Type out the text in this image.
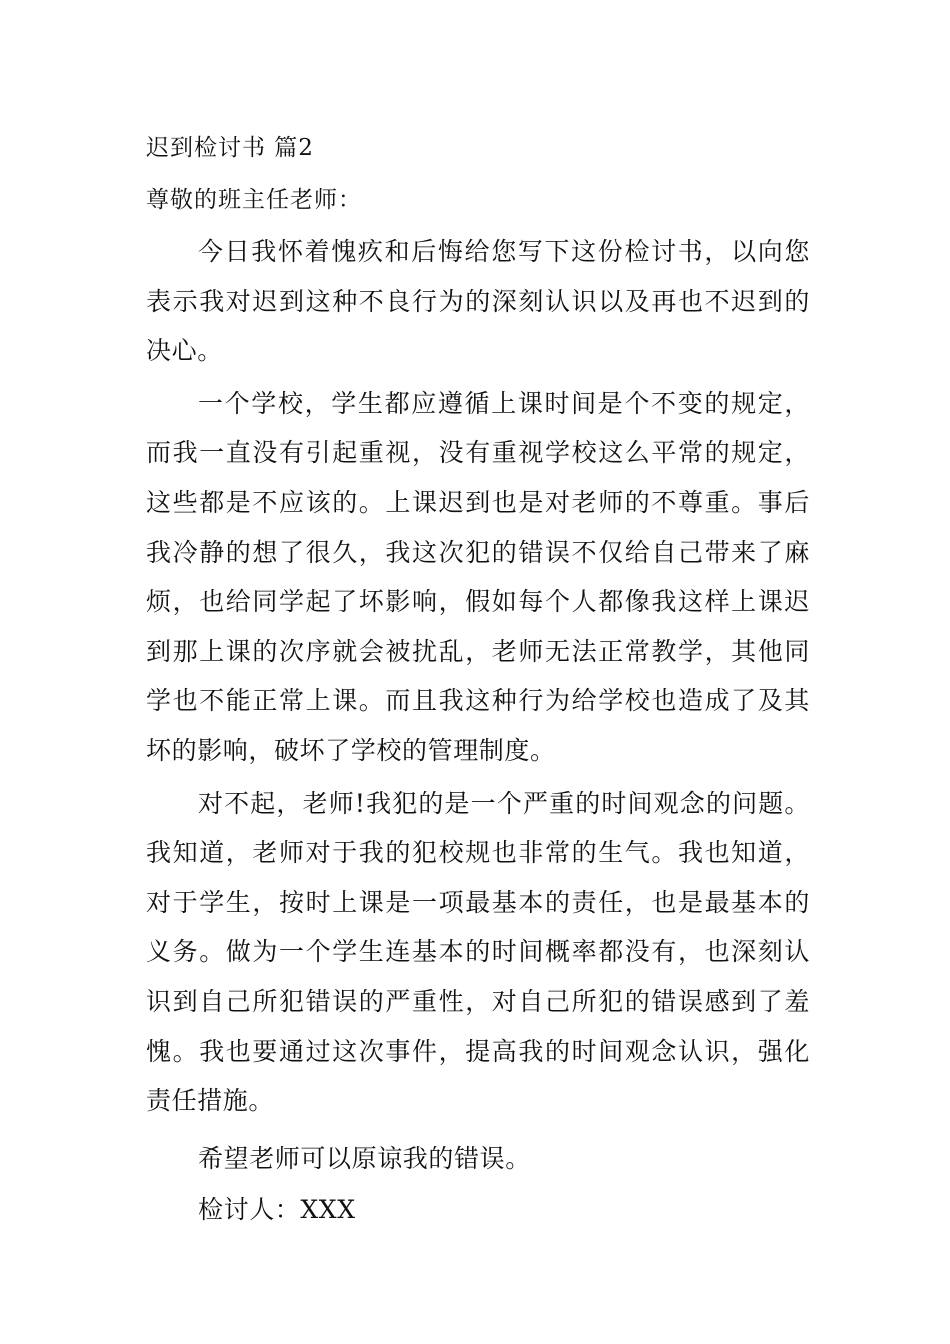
迟到检讨书 篇2
尊敬的班主任老师：

今日我怀着愧疚和后悔给您写下这份检讨书，以向您表示我对迟到这种不良行为的深刻认识以及再也不迟到的决心。

一个学校，学生都应遵循上课时间是个不变的规定，而我一直没有引起重视，没有重视学校这么平常的规定，这些都是不应该的。上课迟到也是对老师的不尊重。事后我冷静的想了很久，我这次犯的错误不仅给自己带来了麻烦，也给同学起了坏影响，假如每个人都像我这样上课迟到那上课的次序就会被扰乱，老师无法正常教学，其他同学也不能正常上课。而且我这种行为给学校也造成了及其坏的影响，破坏了学校的管理制度。

对不起，老师!我犯的是一个严重的时间观念的问题。我知道，老师对于我的犯校规也非常的生气。我也知道，对于学生，按时上课是一项最基本的责任，也是最基本的义务。做为一个学生连基本的时间概率都没有，也深刻认识到自己所犯错误的严重性，对自己所犯的错误感到了羞愧。我也要通过这次事件，提高我的时间观念认识，强化责任措施。

希望老师可以原谅我的错误。

检讨人：XXX
